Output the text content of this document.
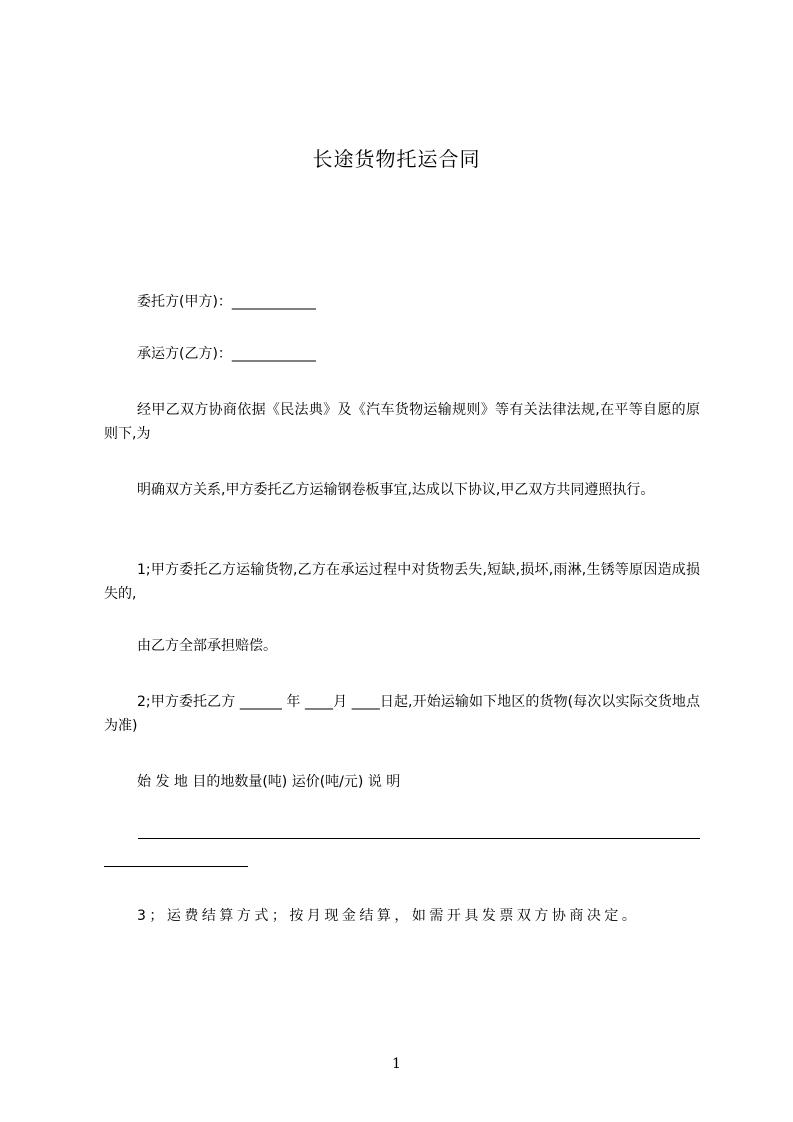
长途货物托运合同
委托方(甲方)：____________
承运方(乙方)：____________
经甲乙双方协商依据《民法典》及《汽车货物运输规则》等有关法律法规,在平等自愿的原则下,为
明确双方关系,甲方委托乙方运输钢卷板事宜,达成以下协议,甲乙双方共同遵照执行。
1;甲方委托乙方运输货物,乙方在承运过程中对货物丢失,短缺,损坏,雨淋,生锈等原因造成损失的,
由乙方全部承担赔偿。
2;甲方委托乙方 ______ 年 ____月 ____日起,开始运输如下地区的货物(每次以实际交货地点为准)
始 发 地 目的地数量(吨) 运价(吨/元) 说 明
3；运费结算方式；按月现金结算，如需开具发票双方协商决定。
1
